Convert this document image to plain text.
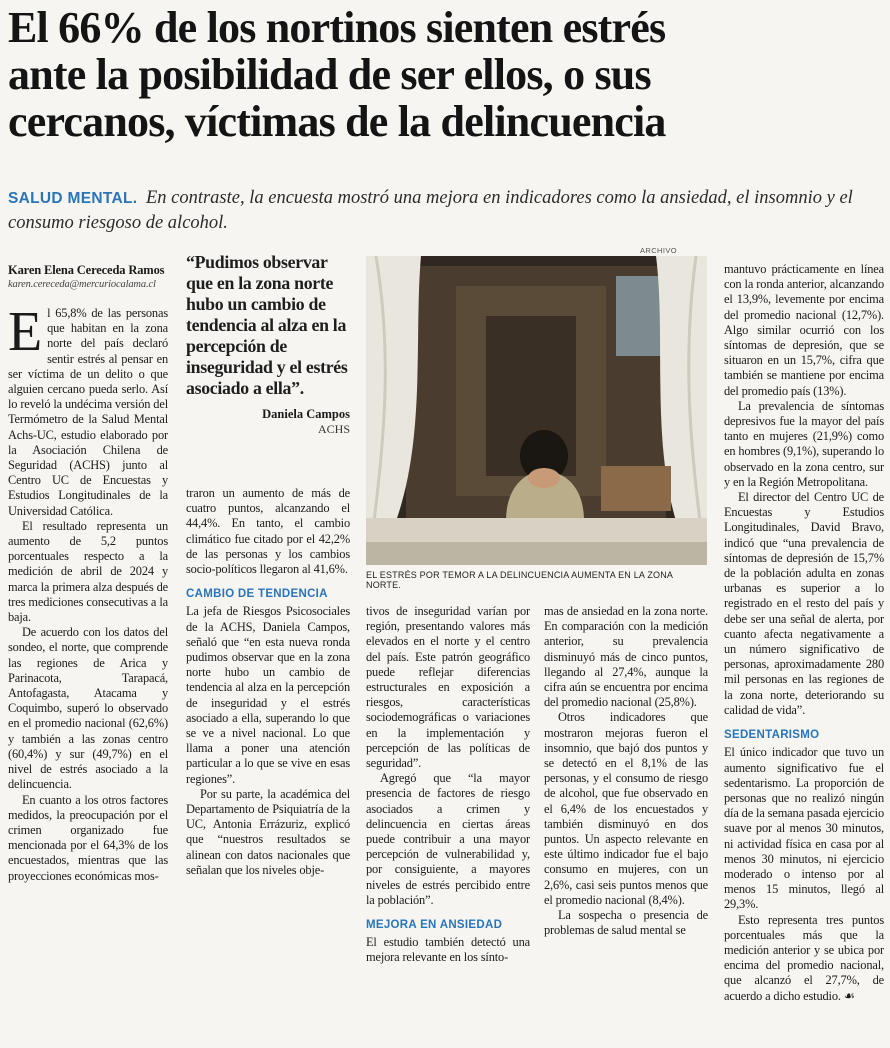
El 66% de los nortinos sienten estrés
ante la posibilidad de ser ellos, o sus
cercanos, víctimas de la delincuencia
SALUD MENTAL. En contraste, la encuesta mostró una mejora en indicadores como la ansiedad, el insomnio y el consumo riesgoso de alcohol.
Karen Elena Cereceda Ramos
karen.cereceda@mercuriocalama.cl

El 65,8% de las personas que habitan en la zona norte del país declaró sentir estrés al pensar en ser víctima de un delito o que alguien cercano pueda serlo. Así lo reveló la undécima versión del Termómetro de la Salud Mental Achs-UC, estudio elaborado por la Asociación Chilena de Seguridad (ACHS) junto al Centro UC de Encuestas y Estudios Longitudinales de la Universidad Católica.

El resultado representa un aumento de 5,2 puntos porcentuales respecto a la medición de abril de 2024 y marca la primera alza después de tres mediciones consecutivas a la baja.

De acuerdo con los datos del sondeo, el norte, que comprende las regiones de Arica y Parinacota, Tarapacá, Antofagasta, Atacama y Coquimbo, superó lo observado en el promedio nacional (62,6%) y también a las zonas centro (60,4%) y sur (49,7%) en el nivel de estrés asociado a la delincuencia.

En cuanto a los otros factores medidos, la preocupación por el crimen organizado fue mencionada por el 64,3% de los encuestados, mientras que las proyecciones económicas mos-

“Pudimos observar que en la zona norte hubo un cambio de tendencia al alza en la percepción de inseguridad y el estrés asociado a ella”.
Daniela Campos
ACHS

traron un aumento de más de cuatro puntos, alcanzando el 44,4%. En tanto, el cambio climático fue citado por el 42,2% de las personas y los cambios socio-políticos llegaron al 41,6%.

CAMBIO DE TENDENCIA

La jefa de Riesgos Psicosociales de la ACHS, Daniela Campos, señaló que “en esta nueva ronda pudimos observar que en la zona norte hubo un cambio de tendencia al alza en la percepción de inseguridad y el estrés asociado a ella, superando lo que se ve a nivel nacional. Lo que llama a poner una atención particular a lo que se vive en esas regiones”.

Por su parte, la académica del Departamento de Psiquiatría de la UC, Antonia Errázuriz, explicó que “nuestros resultados se alinean con datos nacionales que señalan que los niveles obje-

ARCHIVO
EL ESTRÉS POR TEMOR A LA DELINCUENCIA AUMENTA EN LA ZONA NORTE.

tivos de inseguridad varían por región, presentando valores más elevados en el norte y el centro del país. Este patrón geográfico puede reflejar diferencias estructurales en exposición a riesgos, características sociodemográficas o variaciones en la implementación y percepción de las políticas de seguridad”.

Agregó que “la mayor presencia de factores de riesgo asociados a crimen y delincuencia en ciertas áreas puede contribuir a una mayor percepción de vulnerabilidad y, por consiguiente, a mayores niveles de estrés percibido entre la población”.

MEJORA EN ANSIEDAD

El estudio también detectó una mejora relevante en los sínto-

mas de ansiedad en la zona norte. En comparación con la medición anterior, su prevalencia disminuyó más de cinco puntos, llegando al 27,4%, aunque la cifra aún se encuentra por encima del promedio nacional (25,8%).

Otros indicadores que mostraron mejoras fueron el insomnio, que bajó dos puntos y se detectó en el 8,1% de las personas, y el consumo de riesgo de alcohol, que fue observado en el 6,4% de los encuestados y también disminuyó en dos puntos. Un aspecto relevante en este último indicador fue el bajo consumo en mujeres, con un 2,6%, casi seis puntos menos que el promedio nacional (8,4%).

La sospecha o presencia de problemas de salud mental se

mantuvo prácticamente en línea con la ronda anterior, alcanzando el 13,9%, levemente por encima del promedio nacional (12,7%). Algo similar ocurrió con los síntomas de depresión, que se situaron en un 15,7%, cifra que también se mantiene por encima del promedio país (13%).

La prevalencia de síntomas depresivos fue la mayor del país tanto en mujeres (21,9%) como en hombres (9,1%), superando lo observado en la zona centro, sur y en la Región Metropolitana.

El director del Centro UC de Encuestas y Estudios Longitudinales, David Bravo, indicó que “una prevalencia de síntomas de depresión de 15,7% de la población adulta en zonas urbanas es superior a lo registrado en el resto del país y debe ser una señal de alerta, por cuanto afecta negativamente a un número significativo de personas, aproximadamente 280 mil personas en las regiones de la zona norte, deteriorando su calidad de vida”.

SEDENTARISMO

El único indicador que tuvo un aumento significativo fue el sedentarismo. La proporción de personas que no realizó ningún día de la semana pasada ejercicio suave por al menos 30 minutos, ni actividad física en casa por al menos 30 minutos, ni ejercicio moderado o intenso por al menos 15 minutos, llegó al 29,3%.

Esto representa tres puntos porcentuales más que la medición anterior y se ubica por encima del promedio nacional, que alcanzó el 27,7%, de acuerdo a dicho estudio. ☙
